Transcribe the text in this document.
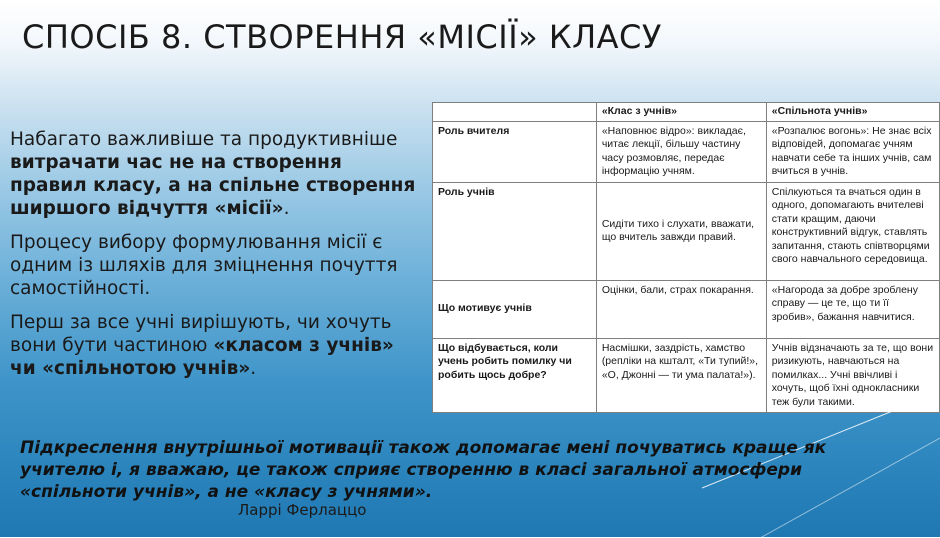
СПОСІБ 8. СТВОРЕННЯ «МІСІЇ» КЛАСУ

Набагато важливіше та продуктивніше витрачати час не на створення правил класу, а на спільне створення ширшого відчуття «місії».

Процесу вибору формулювання місії є одним із шляхів для зміцнення почуття самостійності.

Перш за все учні вирішують, чи хочуть вони бути частиною «класом з учнів» чи «спільнотою учнів».

	«Клас з учнів»	«Спільнота учнів»
Роль вчителя	«Наповнює відро»: викладає, читає лекції, більшу частину часу розмовляє, передає інформацію учням.	«Розпалює вогонь»: Не знає всіх відповідей, допомагає учням навчати себе та інших учнів, сам вчиться в учнів.
Роль учнів	Сидіти тихо і слухати, вважати, що вчитель завжди правий.	Спілкуються та вчаться один в одного, допомагають вчителеві стати кращим, даючи конструктивний відгук, ставлять запитання, стають співтворцями свого навчального середовища.
Що мотивує учнів	Оцінки, бали, страх покарання.	«Нагорода за добре зроблену справу — це те, що ти її зробив», бажання навчитися.
Що відбувається, коли учень робить помилку чи робить щось добре?	Насмішки, заздрість, хамство (репліки на кшталт, «Ти тупий!», «О, Джонні — ти ума палата!»).	Учнів відзначають за те, що вони ризикують, навчаються на помилках... Учні ввічливі і хочуть, щоб їхні однокласники теж були такими.
Підкреслення внутрішньої мотивації також допомагає мені почуватись краще як учителю і, я вважаю, це також сприяє створенню в класі загальної атмосфери «спільноти учнів», а не «класу з учнями».
Ларрі Ферлаццо
